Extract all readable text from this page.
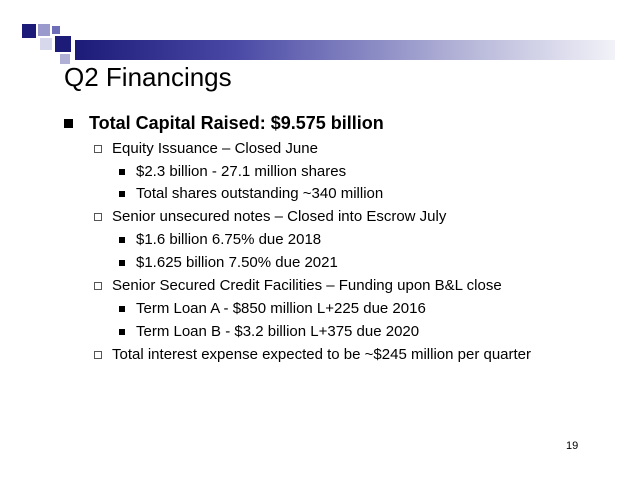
Q2 Financings
Total Capital Raised: $9.575 billion
Equity Issuance – Closed June
$2.3 billion - 27.1 million shares
Total shares outstanding ~340 million
Senior unsecured notes – Closed into Escrow July
$1.6 billion 6.75% due 2018
$1.625 billion 7.50% due 2021
Senior Secured Credit Facilities – Funding upon B&L close
Term Loan A - $850 million L+225 due 2016
Term Loan B - $3.2 billion L+375 due 2020
Total interest expense expected to be ~$245 million per quarter
19
